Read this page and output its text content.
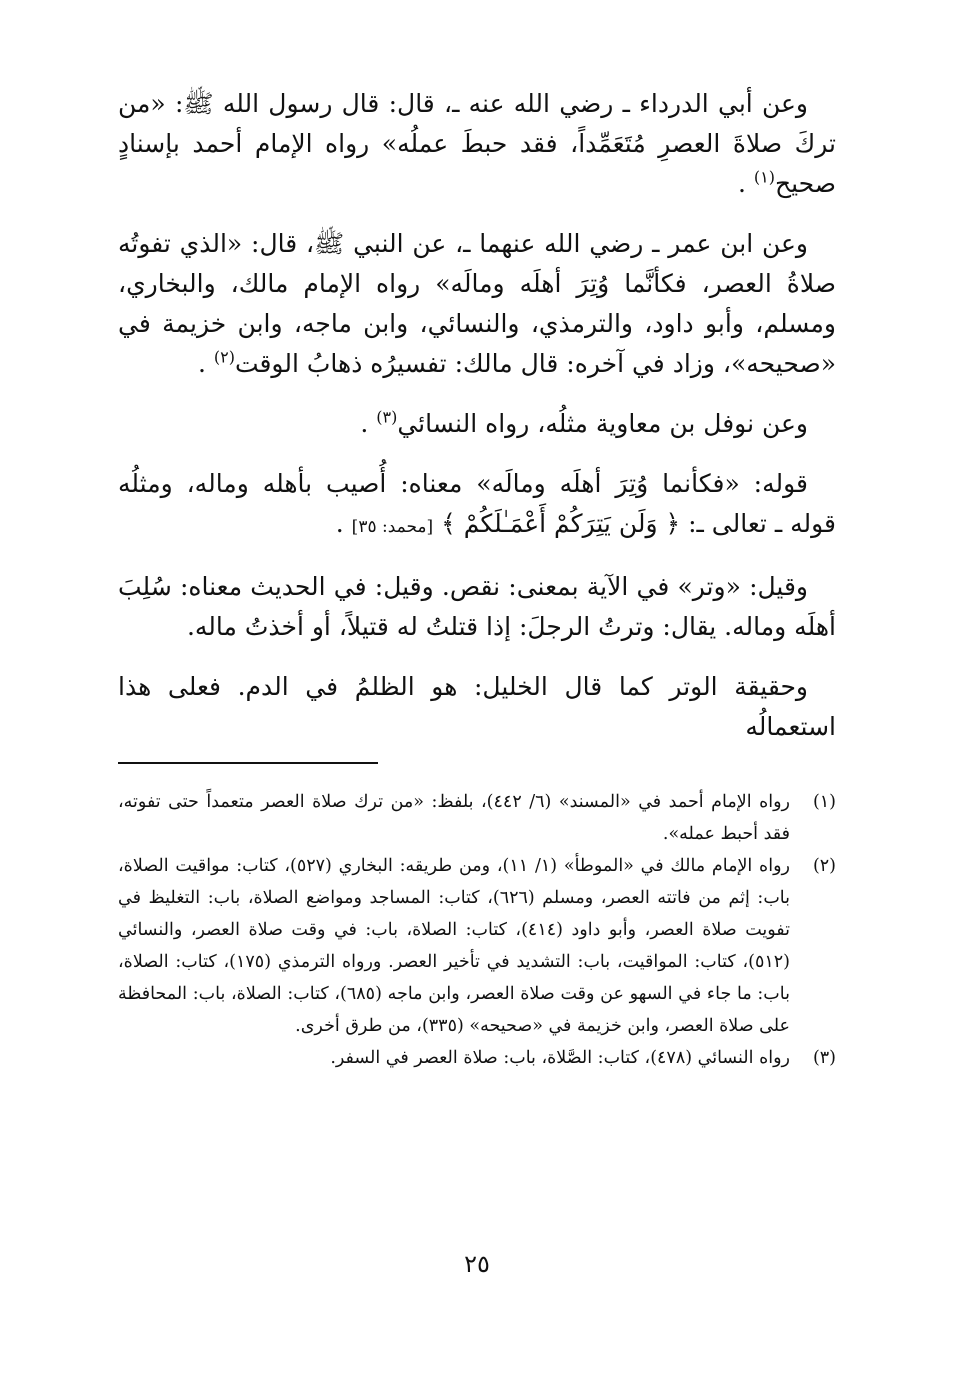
وعن أبي الدرداء ـ رضي الله عنه ـ، قال: قال رسول الله ﷺ: «من تركَ صلاةَ العصرِ مُتَعَمِّداً، فقد حبطَ عملُه» رواه الإمام أحمد بإسنادٍ صحيح$^{(١)}$ .

وعن ابن عمر ـ رضي الله عنهما ـ، عن النبي ﷺ، قال: «الذي تفوتُه صلاةُ العصر، فكأنَّما وُتِرَ أهلَه ومالَه» رواه الإمام مالك، والبخاري، ومسلم، وأبو داود، والترمذي، والنسائي، وابن ماجه، وابن خزيمة في «صحيحه»، وزاد في آخره: قال مالك: تفسيرُه ذهابُ الوقت$^{(٢)}$ .

وعن نوفل بن معاوية مثلُه، رواه النسائي$^{(٣)}$ .

قوله: «فكأنما وُتِرَ أهلَه ومالَه» معناه: أُصيب بأهله وماله، ومثلُه قوله ـ تعالى ـ: ﴿ وَلَن يَتِرَكُمْ أَعْمَـٰلَكُمْ ﴾ [محمد: ٣٥] .

وقيل: «وتر» في الآية بمعنى: نقص. وقيل: في الحديث معناه: سُلِبَ أهلَه وماله. يقال: وترتُ الرجلَ: إذا قتلتُ له قتيلاً، أو أخذتُ ماله.

وحقيقة الوتر كما قال الخليل: هو الظلمُ في الدم. فعلى هذا استعمالُه

(١)
رواه الإمام أحمد في «المسند» (٦/ ٤٤٢)، بلفظ: «من ترك صلاة العصر متعمداً حتى تفوته، فقد أحبط عمله».
(٢)
رواه الإمام مالك في «الموطأ» (١/ ١١)، ومن طريقه: البخاري (٥٢٧)، كتاب: مواقيت الصلاة، باب: إثم من فاتته العصر، ومسلم (٦٢٦)، كتاب: المساجد ومواضع الصلاة، باب: التغليظ في تفويت صلاة العصر، وأبو داود (٤١٤)، كتاب: الصلاة، باب: في وقت صلاة العصر، والنسائي (٥١٢)، كتاب: المواقيت، باب: التشديد في تأخير العصر. ورواه الترمذي (١٧٥)، كتاب: الصلاة، باب: ما جاء في السهو عن وقت صلاة العصر، وابن ماجه (٦٨٥)، كتاب: الصلاة، باب: المحافظة على صلاة العصر، وابن خزيمة في «صحيحه» (٣٣٥)، من طرق أخرى.
(٣)
رواه النسائي (٤٧٨)، كتاب: الصَّلاة، باب: صلاة العصر في السفر.
٢٥
